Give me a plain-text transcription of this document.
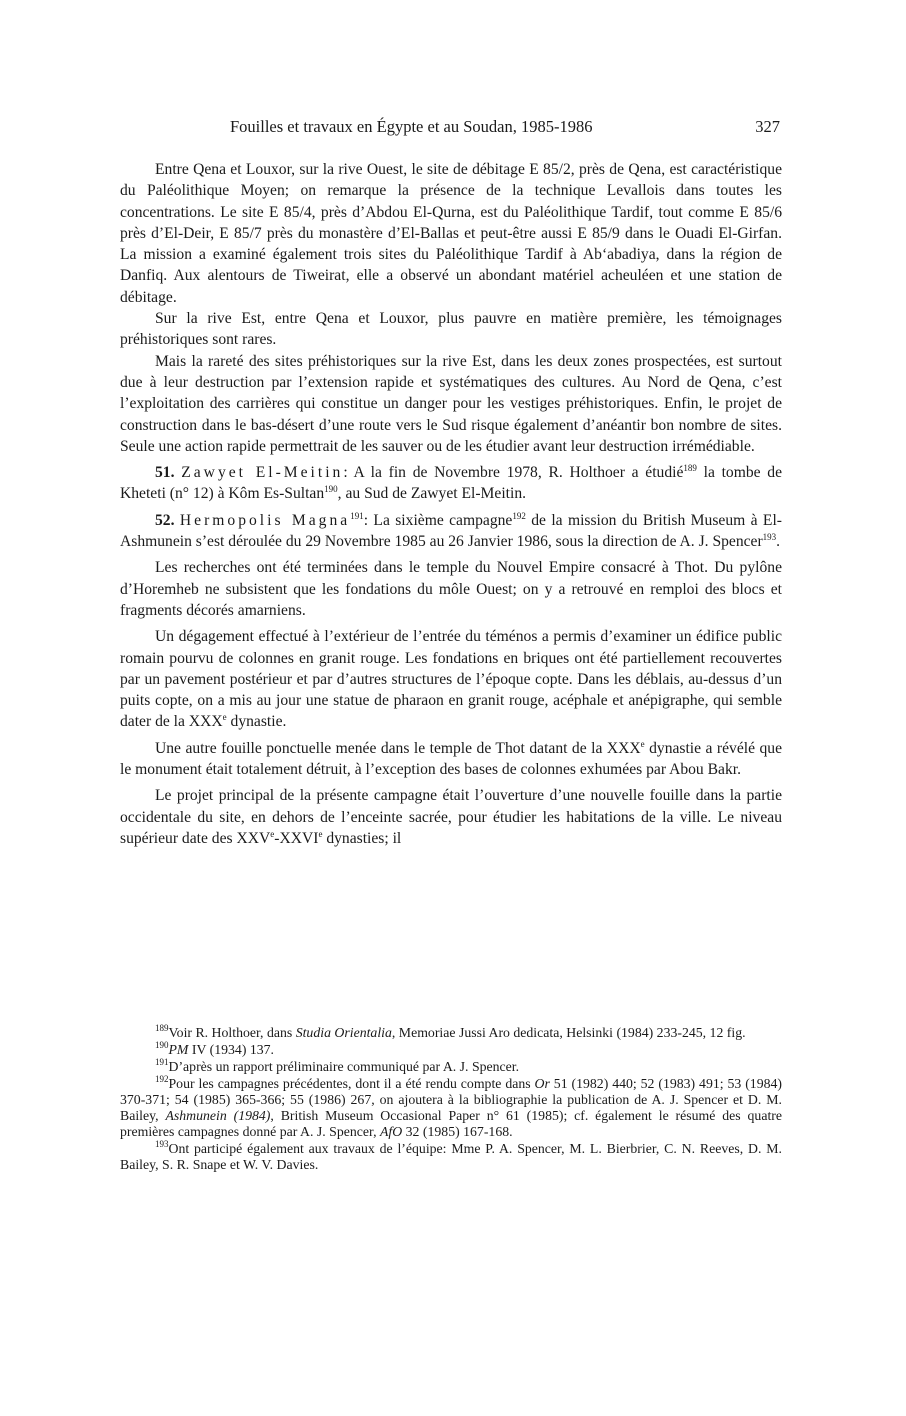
Fouilles et travaux en Égypte et au Soudan, 1985-1986	327

Entre Qena et Louxor, sur la rive Ouest, le site de débitage E 85/2, près de Qena, est caractéristique du Paléolithique Moyen; on remarque la présence de la technique Levallois dans toutes les concentrations. Le site E 85/4, près d’Abdou El-Qurna, est du Paléolithique Tardif, tout comme E 85/6 près d’El-Deir, E 85/7 près du monastère d’El-Ballas et peut-être aussi E 85/9 dans le Ouadi El-Girfan. La mission a examiné également trois sites du Paléolithique Tardif à Ab‘abadiya, dans la région de Danfiq. Aux alentours de Tiweirat, elle a observé un abondant matériel acheuléen et une station de débitage.

Sur la rive Est, entre Qena et Louxor, plus pauvre en matière première, les témoignages préhistoriques sont rares.

Mais la rareté des sites préhistoriques sur la rive Est, dans les deux zones prospectées, est surtout due à leur destruction par l’extension rapide et systématiques des cultures. Au Nord de Qena, c’est l’exploitation des carrières qui constitue un danger pour les vestiges préhistoriques. Enfin, le projet de construction dans le bas-désert d’une route vers le Sud risque également d’anéantir bon nombre de sites. Seule une action rapide permettrait de les sauver ou de les étudier avant leur destruction irrémédiable.

51. Zawyet El-Meitin: A la fin de Novembre 1978, R. Holthoer a étudié$^{189}$ la tombe de Kheteti (n° 12) à Kôm Es-Sultan$^{190}$, au Sud de Zawyet El-Meitin.

52. Hermopolis Magna$^{191}$: La sixième campagne$^{192}$ de la mission du British Museum à El-Ashmunein s’est déroulée du 29 Novembre 1985 au 26 Janvier 1986, sous la direction de A. J. Spencer$^{193}$.

Les recherches ont été terminées dans le temple du Nouvel Empire consacré à Thot. Du pylône d’Horemheb ne subsistent que les fondations du môle Ouest; on y a retrouvé en remploi des blocs et fragments décorés amarniens.

Un dégagement effectué à l’extérieur de l’entrée du téménos a permis d’examiner un édifice public romain pourvu de colonnes en granit rouge. Les fondations en briques ont été partiellement recouvertes par un pavement postérieur et par d’autres structures de l’époque copte. Dans les déblais, au-dessus d’un puits copte, on a mis au jour une statue de pharaon en granit rouge, acéphale et anépigraphe, qui semble dater de la XXXe dynastie.

Une autre fouille ponctuelle menée dans le temple de Thot datant de la XXXe dynastie a révélé que le monument était totalement détruit, à l’exception des bases de colonnes exhumées par Abou Bakr.

Le projet principal de la présente campagne était l’ouverture d’une nouvelle fouille dans la partie occidentale du site, en dehors de l’enceinte sacrée, pour étudier les habitations de la ville. Le niveau supérieur date des XXVe-XXVIe dynasties; il

$^{189}$Voir R. Holthoer, dans Studia Orientalia, Memoriae Jussi Aro dedicata, Helsinki (1984) 233-245, 12 fig.

$^{190}$PM IV (1934) 137.

$^{191}$D’après un rapport préliminaire communiqué par A. J. Spencer.

$^{192}$Pour les campagnes précédentes, dont il a été rendu compte dans Or 51 (1982) 440; 52 (1983) 491; 53 (1984) 370-371; 54 (1985) 365-366; 55 (1986) 267, on ajoutera à la bibliographie la publication de A. J. Spencer et D. M. Bailey, Ashmunein (1984), British Museum Occasional Paper n° 61 (1985); cf. également le résumé des quatre premières campagnes donné par A. J. Spencer, AfO 32 (1985) 167-168.

$^{193}$Ont participé également aux travaux de l’équipe: Mme P. A. Spencer, M. L. Bierbrier, C. N. Reeves, D. M. Bailey, S. R. Snape et W. V. Davies.
